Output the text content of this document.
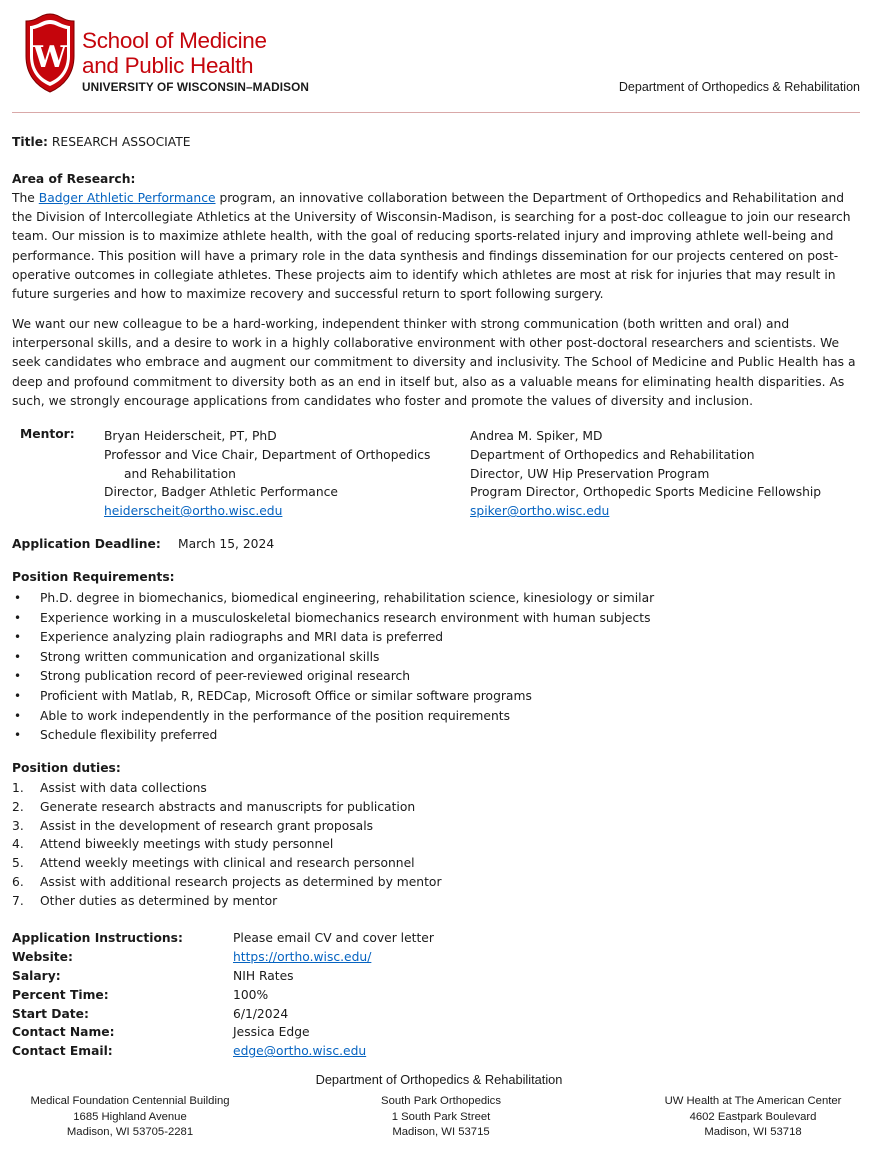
W School of Medicine
and Public Health
UNIVERSITY OF WISCONSIN–MADISON	Department of Orthopedics & Rehabilitation
Title: RESEARCH ASSOCIATE
Area of Research:

The Badger Athletic Performance program, an innovative collaboration between the Department of Orthopedics and Rehabilitation and the Division of Intercollegiate Athletics at the University of Wisconsin-Madison, is searching for a post-doc colleague to join our research team. Our mission is to maximize athlete health, with the goal of reducing sports-related injury and improving athlete well-being and performance. This position will have a primary role in the data synthesis and findings dissemination for our projects centered on post-operative outcomes in collegiate athletes. These projects aim to identify which athletes are most at risk for injuries that may result in future surgeries and how to maximize recovery and successful return to sport following surgery.

We want our new colleague to be a hard-working, independent thinker with strong communication (both written and oral) and interpersonal skills, and a desire to work in a highly collaborative environment with other post-doctoral researchers and scientists. We seek candidates who embrace and augment our commitment to diversity and inclusivity. The School of Medicine and Public Health has a deep and profound commitment to diversity both as an end in itself but, also as a valuable means for eliminating health disparities. As such, we strongly encourage applications from candidates who foster and promote the values of diversity and inclusion.

Mentor: Bryan Heiderscheit, PT, PhD
Professor and Vice Chair, Department of Orthopedics
and Rehabilitation
Director, Badger Athletic Performance
heiderscheit@ortho.wisc.edu
Andrea M. Spiker, MD
Department of Orthopedics and Rehabilitation
Director, UW Hip Preservation Program
Program Director, Orthopedic Sports Medicine Fellowship
spiker@ortho.wisc.edu
Application Deadline: March 15, 2024
Position Requirements:
• Ph.D. degree in biomechanics, biomedical engineering, rehabilitation science, kinesiology or similar
• Experience working in a musculoskeletal biomechanics research environment with human subjects
• Experience analyzing plain radiographs and MRI data is preferred
• Strong written communication and organizational skills
• Strong publication record of peer-reviewed original research
• Proficient with Matlab, R, REDCap, Microsoft Office or similar software programs
• Able to work independently in the performance of the position requirements
• Schedule flexibility preferred
Position duties:
1. Assist with data collections
2. Generate research abstracts and manuscripts for publication
3. Assist in the development of research grant proposals
4. Attend biweekly meetings with study personnel
5. Attend weekly meetings with clinical and research personnel
6. Assist with additional research projects as determined by mentor
7. Other duties as determined by mentor
Application Instructions:	Please email CV and cover letter
Website:	https://ortho.wisc.edu/
Salary:	NIH Rates
Percent Time:	100%
Start Date:	6/1/2024
Contact Name:	Jessica Edge
Contact Email:	edge@ortho.wisc.edu
Department of Orthopedics & Rehabilitation
Medical Foundation Centennial Building
1685 Highland Avenue
Madison, WI 53705-2281
South Park Orthopedics
1 South Park Street
Madison, WI 53715
UW Health at The American Center
4602 Eastpark Boulevard
Madison, WI 53718
